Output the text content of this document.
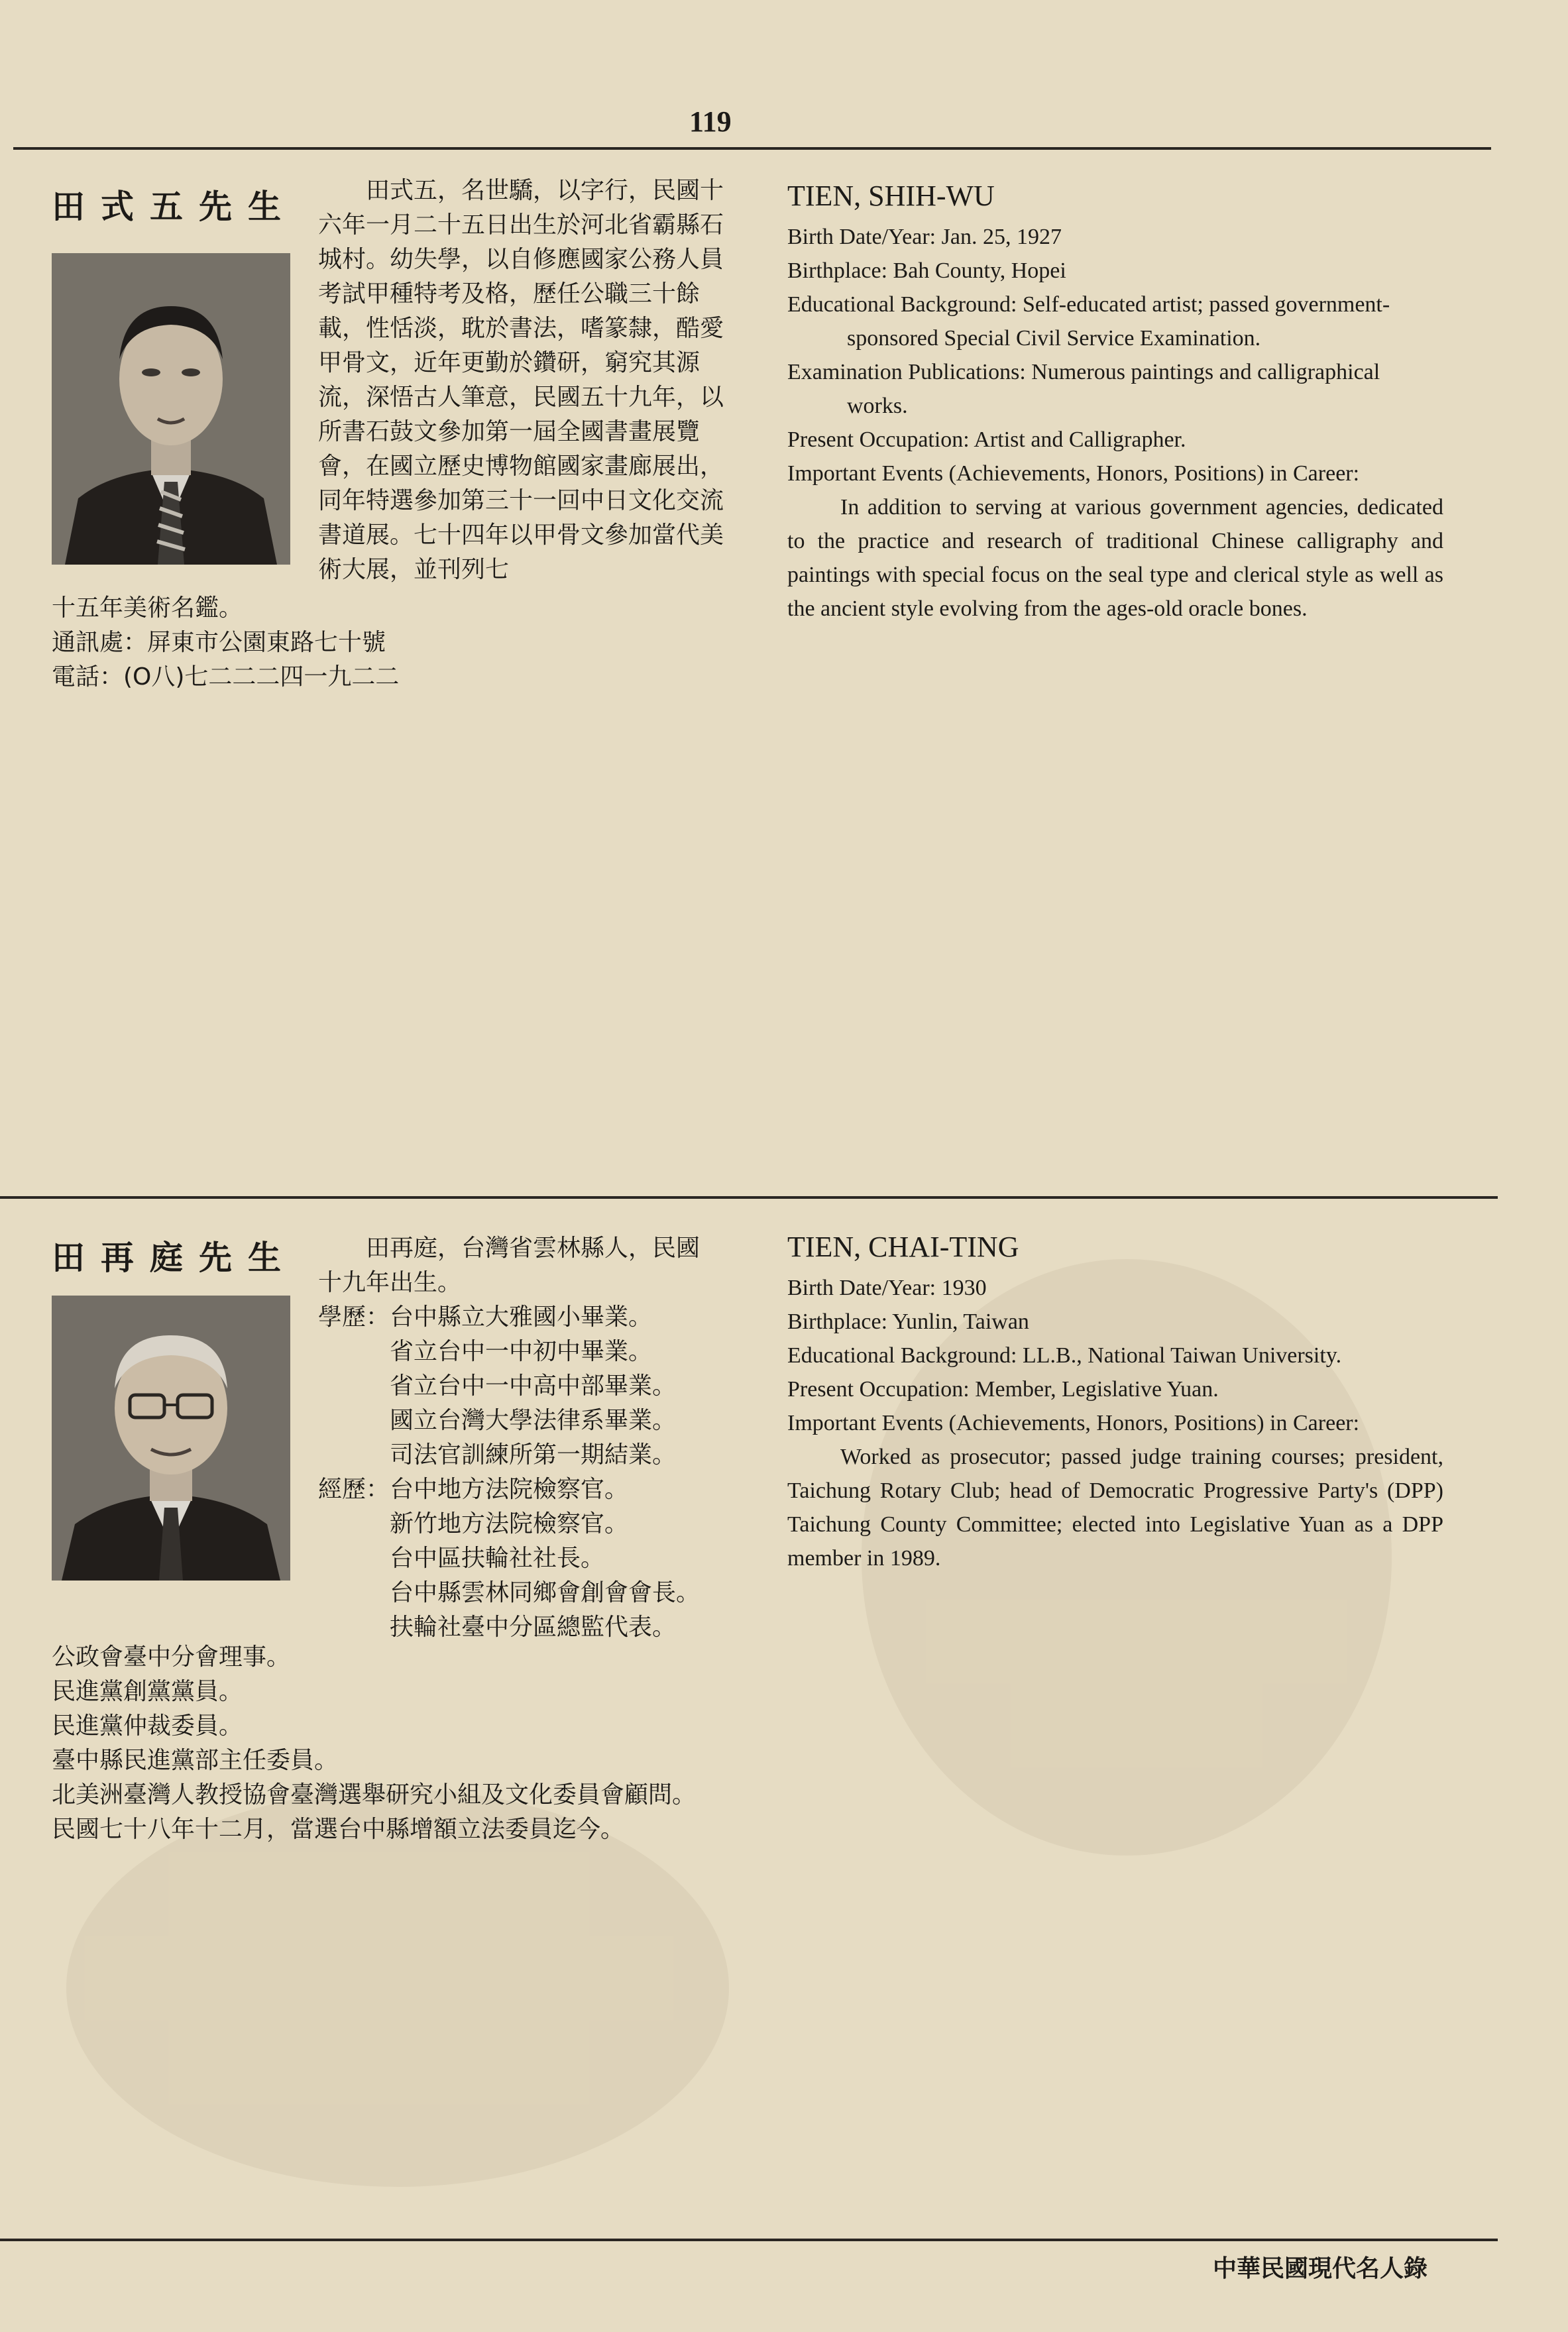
119
田式五先生	田式五，名世驕，以字行，民國十六年一月二十五日出生於河北省霸縣石城村。幼失學，以自修應國家公務人員考試甲種特考及格，歷任公職三十餘載，性恬淡，耽於書法，嗜篆隸，酷愛甲骨文，近年更勤於鑽研，窮究其源流，深悟古人筆意，民國五十九年，以所書石鼓文參加第一屆全國書畫展覽會，在國立歷史博物館國家畫廊展出，同年特選參加第三十一回中日文化交流書道展。七十四年以甲骨文參加當代美術大展，並刊列七

十五年美術名鑑。

通訊處：屏東市公園東路七十號

電話：(O八)七二二二四一九二二

TIEN, SHIH-WU

Birth Date/Year: Jan. 25, 1927

Birthplace: Bah County, Hopei

Educational Background: Self-educated artist; passed government-sponsored Special Civil Service Examination.

Examination Publications: Numerous paintings and calligraphical works.

Present Occupation: Artist and Calligrapher.

Important Events (Achievements, Honors, Positions) in Career:

In addition to serving at various government agencies, dedicated to the practice and research of traditional Chinese calligraphy and paintings with special focus on the seal type and clerical style as well as the ancient style evolving from the ages-old oracle bones.

田再庭先生	田再庭，台灣省雲林縣人，民國

十九年出生。

學歷：台中縣立大雅國小畢業。

省立台中一中初中畢業。

省立台中一中高中部畢業。

國立台灣大學法律系畢業。

司法官訓練所第一期結業。

經歷：台中地方法院檢察官。

新竹地方法院檢察官。

台中區扶輪社社長。

台中縣雲林同鄉會創會會長。

扶輪社臺中分區總監代表。

公政會臺中分會理事。

民進黨創黨黨員。

民進黨仲裁委員。

臺中縣民進黨部主任委員。

北美洲臺灣人教授協會臺灣選舉研究小組及文化委員會顧問。

民國七十八年十二月，當選台中縣增額立法委員迄今。

TIEN, CHAI-TING

Birth Date/Year: 1930

Birthplace: Yunlin, Taiwan

Educational Background: LL.B., National Taiwan University.

Present Occupation: Member, Legislative Yuan.

Important Events (Achievements, Honors, Positions) in Career:

Worked as prosecutor; passed judge training courses; president, Taichung Rotary Club; head of Democratic Progressive Party's (DPP) Taichung County Committee; elected into Legislative Yuan as a DPP member in 1989.

中華民國現代名人錄
